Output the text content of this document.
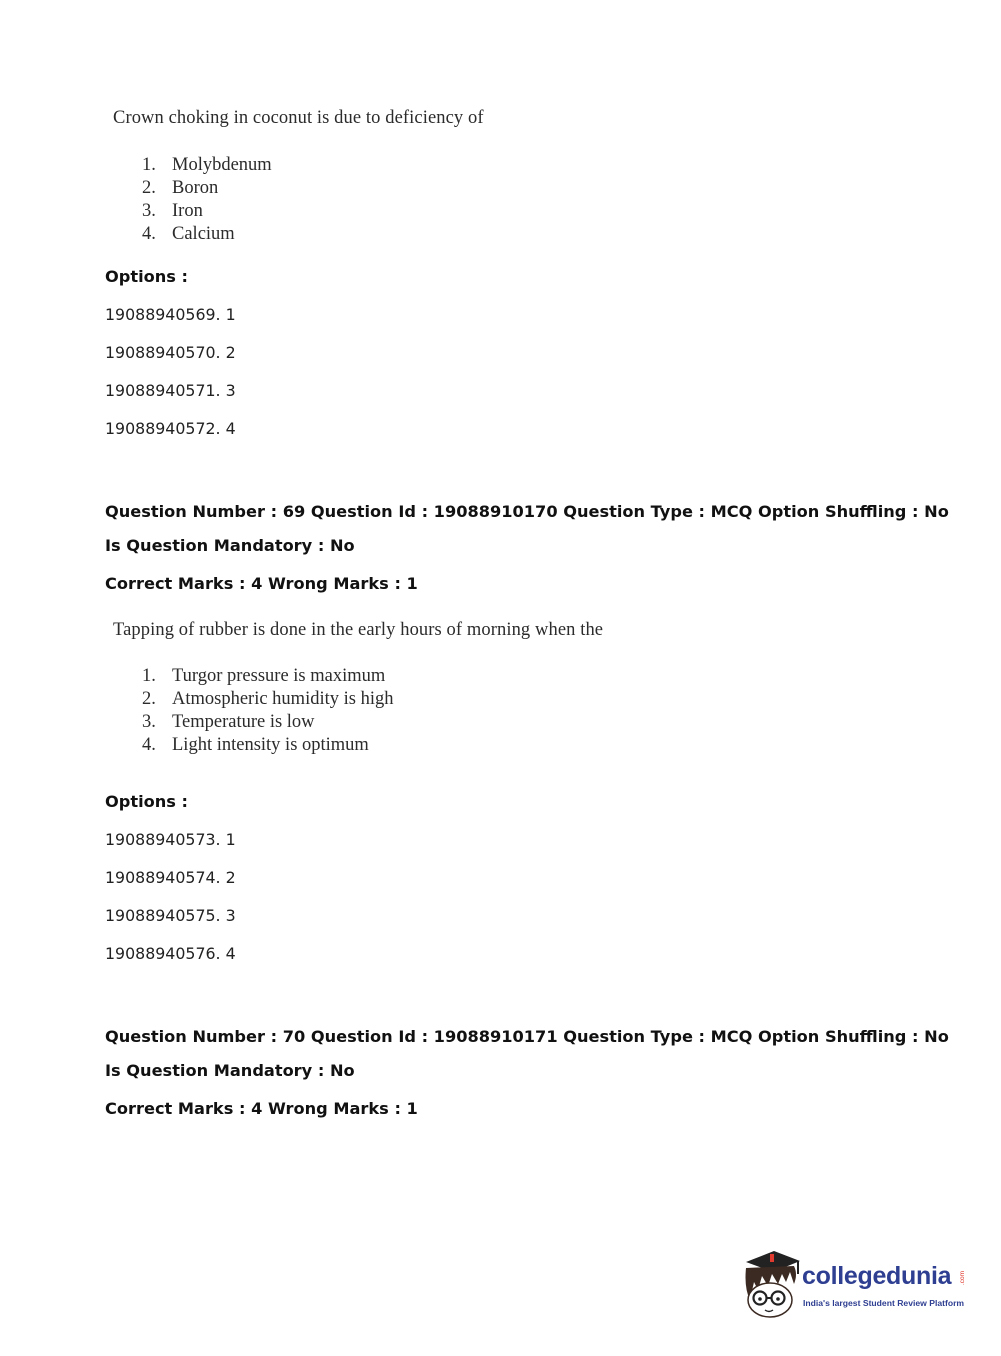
Crown choking in coconut is due to deficiency of
1. Molybdenum
2. Boron
3. Iron
4. Calcium
Options :
19088940569. 1
19088940570. 2
19088940571. 3
19088940572. 4
Question Number : 69 Question Id : 19088910170 Question Type : MCQ Option Shuffling : No
Is Question Mandatory : No
Correct Marks : 4 Wrong Marks : 1
Tapping of rubber is done in the early hours of morning when the
1. Turgor pressure is maximum
2. Atmospheric humidity is high
3. Temperature is low
4. Light intensity is optimum
Options :
19088940573. 1
19088940574. 2
19088940575. 3
19088940576. 4
Question Number : 70 Question Id : 19088910171 Question Type : MCQ Option Shuffling : No
Is Question Mandatory : No
Correct Marks : 4 Wrong Marks : 1
collegedunia .com
India's largest Student Review Platform
